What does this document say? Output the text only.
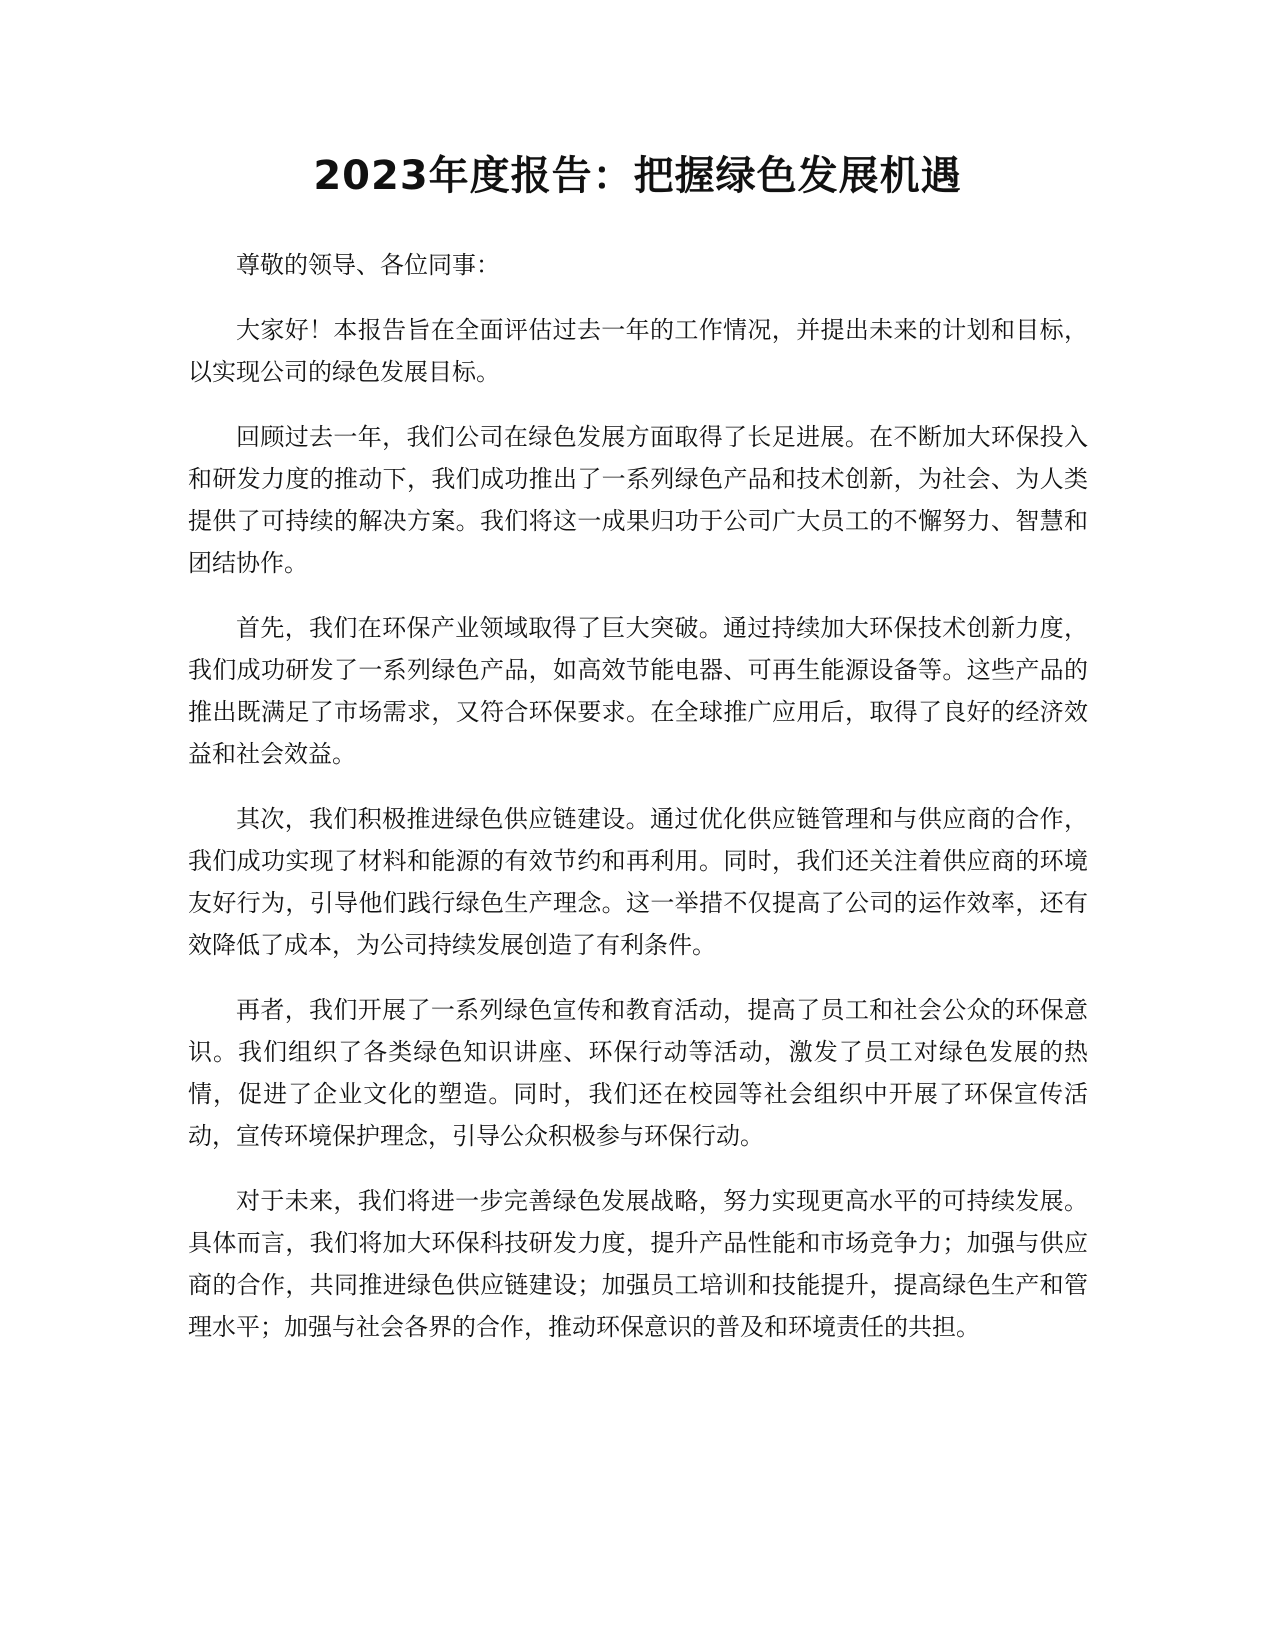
2023年度报告：把握绿色发展机遇

尊敬的领导、各位同事：

大家好！本报告旨在全面评估过去一年的工作情况，并提出未来的计划和目标，以实现公司的绿色发展目标。

回顾过去一年，我们公司在绿色发展方面取得了长足进展。在不断加大环保投入和研发力度的推动下，我们成功推出了一系列绿色产品和技术创新，为社会、为人类提供了可持续的解决方案。我们将这一成果归功于公司广大员工的不懈努力、智慧和团结协作。

首先，我们在环保产业领域取得了巨大突破。通过持续加大环保技术创新力度，我们成功研发了一系列绿色产品，如高效节能电器、可再生能源设备等。这些产品的推出既满足了市场需求，又符合环保要求。在全球推广应用后，取得了良好的经济效益和社会效益。

其次，我们积极推进绿色供应链建设。通过优化供应链管理和与供应商的合作，我们成功实现了材料和能源的有效节约和再利用。同时，我们还关注着供应商的环境友好行为，引导他们践行绿色生产理念。这一举措不仅提高了公司的运作效率，还有效降低了成本，为公司持续发展创造了有利条件。

再者，我们开展了一系列绿色宣传和教育活动，提高了员工和社会公众的环保意识。我们组织了各类绿色知识讲座、环保行动等活动，激发了员工对绿色发展的热情，促进了企业文化的塑造。同时，我们还在校园等社会组织中开展了环保宣传活动，宣传环境保护理念，引导公众积极参与环保行动。

对于未来，我们将进一步完善绿色发展战略，努力实现更高水平的可持续发展。具体而言，我们将加大环保科技研发力度，提升产品性能和市场竞争力；加强与供应商的合作，共同推进绿色供应链建设；加强员工培训和技能提升，提高绿色生产和管理水平；加强与社会各界的合作，推动环保意识的普及和环境责任的共担。
